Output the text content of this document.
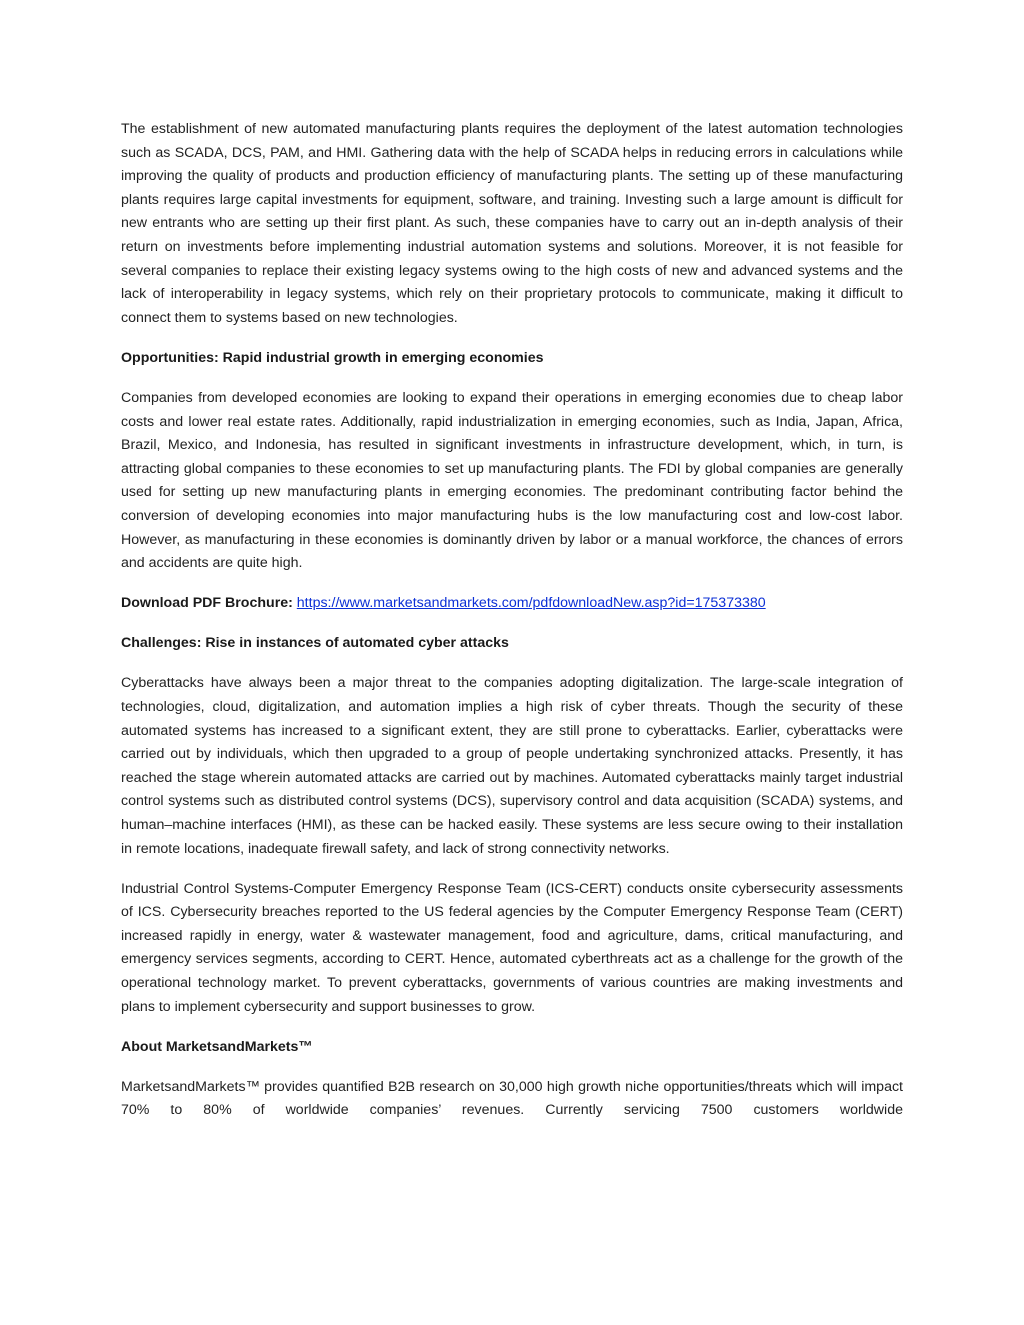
The establishment of new automated manufacturing plants requires the deployment of the latest automation technologies such as SCADA, DCS, PAM, and HMI. Gathering data with the help of SCADA helps in reducing errors in calculations while improving the quality of products and production efficiency of manufacturing plants. The setting up of these manufacturing plants requires large capital investments for equipment, software, and training. Investing such a large amount is difficult for new entrants who are setting up their first plant. As such, these companies have to carry out an in-depth analysis of their return on investments before implementing industrial automation systems and solutions. Moreover, it is not feasible for several companies to replace their existing legacy systems owing to the high costs of new and advanced systems and the lack of interoperability in legacy systems, which rely on their proprietary protocols to communicate, making it difficult to connect them to systems based on new technologies.

Opportunities: Rapid industrial growth in emerging economies

Companies from developed economies are looking to expand their operations in emerging economies due to cheap labor costs and lower real estate rates. Additionally, rapid industrialization in emerging economies, such as India, Japan, Africa, Brazil, Mexico, and Indonesia, has resulted in significant investments in infrastructure development, which, in turn, is attracting global companies to these economies to set up manufacturing plants. The FDI by global companies are generally used for setting up new manufacturing plants in emerging economies. The predominant contributing factor behind the conversion of developing economies into major manufacturing hubs is the low manufacturing cost and low-cost labor. However, as manufacturing in these economies is dominantly driven by labor or a manual workforce, the chances of errors and accidents are quite high.

Download PDF Brochure: https://www.marketsandmarkets.com/pdfdownloadNew.asp?id=175373380

Challenges: Rise in instances of automated cyber attacks

Cyberattacks have always been a major threat to the companies adopting digitalization. The large-scale integration of technologies, cloud, digitalization, and automation implies a high risk of cyber threats. Though the security of these automated systems has increased to a significant extent, they are still prone to cyberattacks. Earlier, cyberattacks were carried out by individuals, which then upgraded to a group of people undertaking synchronized attacks. Presently, it has reached the stage wherein automated attacks are carried out by machines. Automated cyberattacks mainly target industrial control systems such as distributed control systems (DCS), supervisory control and data acquisition (SCADA) systems, and human–machine interfaces (HMI), as these can be hacked easily. These systems are less secure owing to their installation in remote locations, inadequate firewall safety, and lack of strong connectivity networks.

Industrial Control Systems-Computer Emergency Response Team (ICS-CERT) conducts onsite cybersecurity assessments of ICS. Cybersecurity breaches reported to the US federal agencies by the Computer Emergency Response Team (CERT) increased rapidly in energy, water & wastewater management, food and agriculture, dams, critical manufacturing, and emergency services segments, according to CERT. Hence, automated cyberthreats act as a challenge for the growth of the operational technology market. To prevent cyberattacks, governments of various countries are making investments and plans to implement cybersecurity and support businesses to grow.

About MarketsandMarkets™

MarketsandMarkets™ provides quantified B2B research on 30,000 high growth niche opportunities/threats which will impact 70% to 80% of worldwide companies’ revenues. Currently servicing 7500 customers worldwide
